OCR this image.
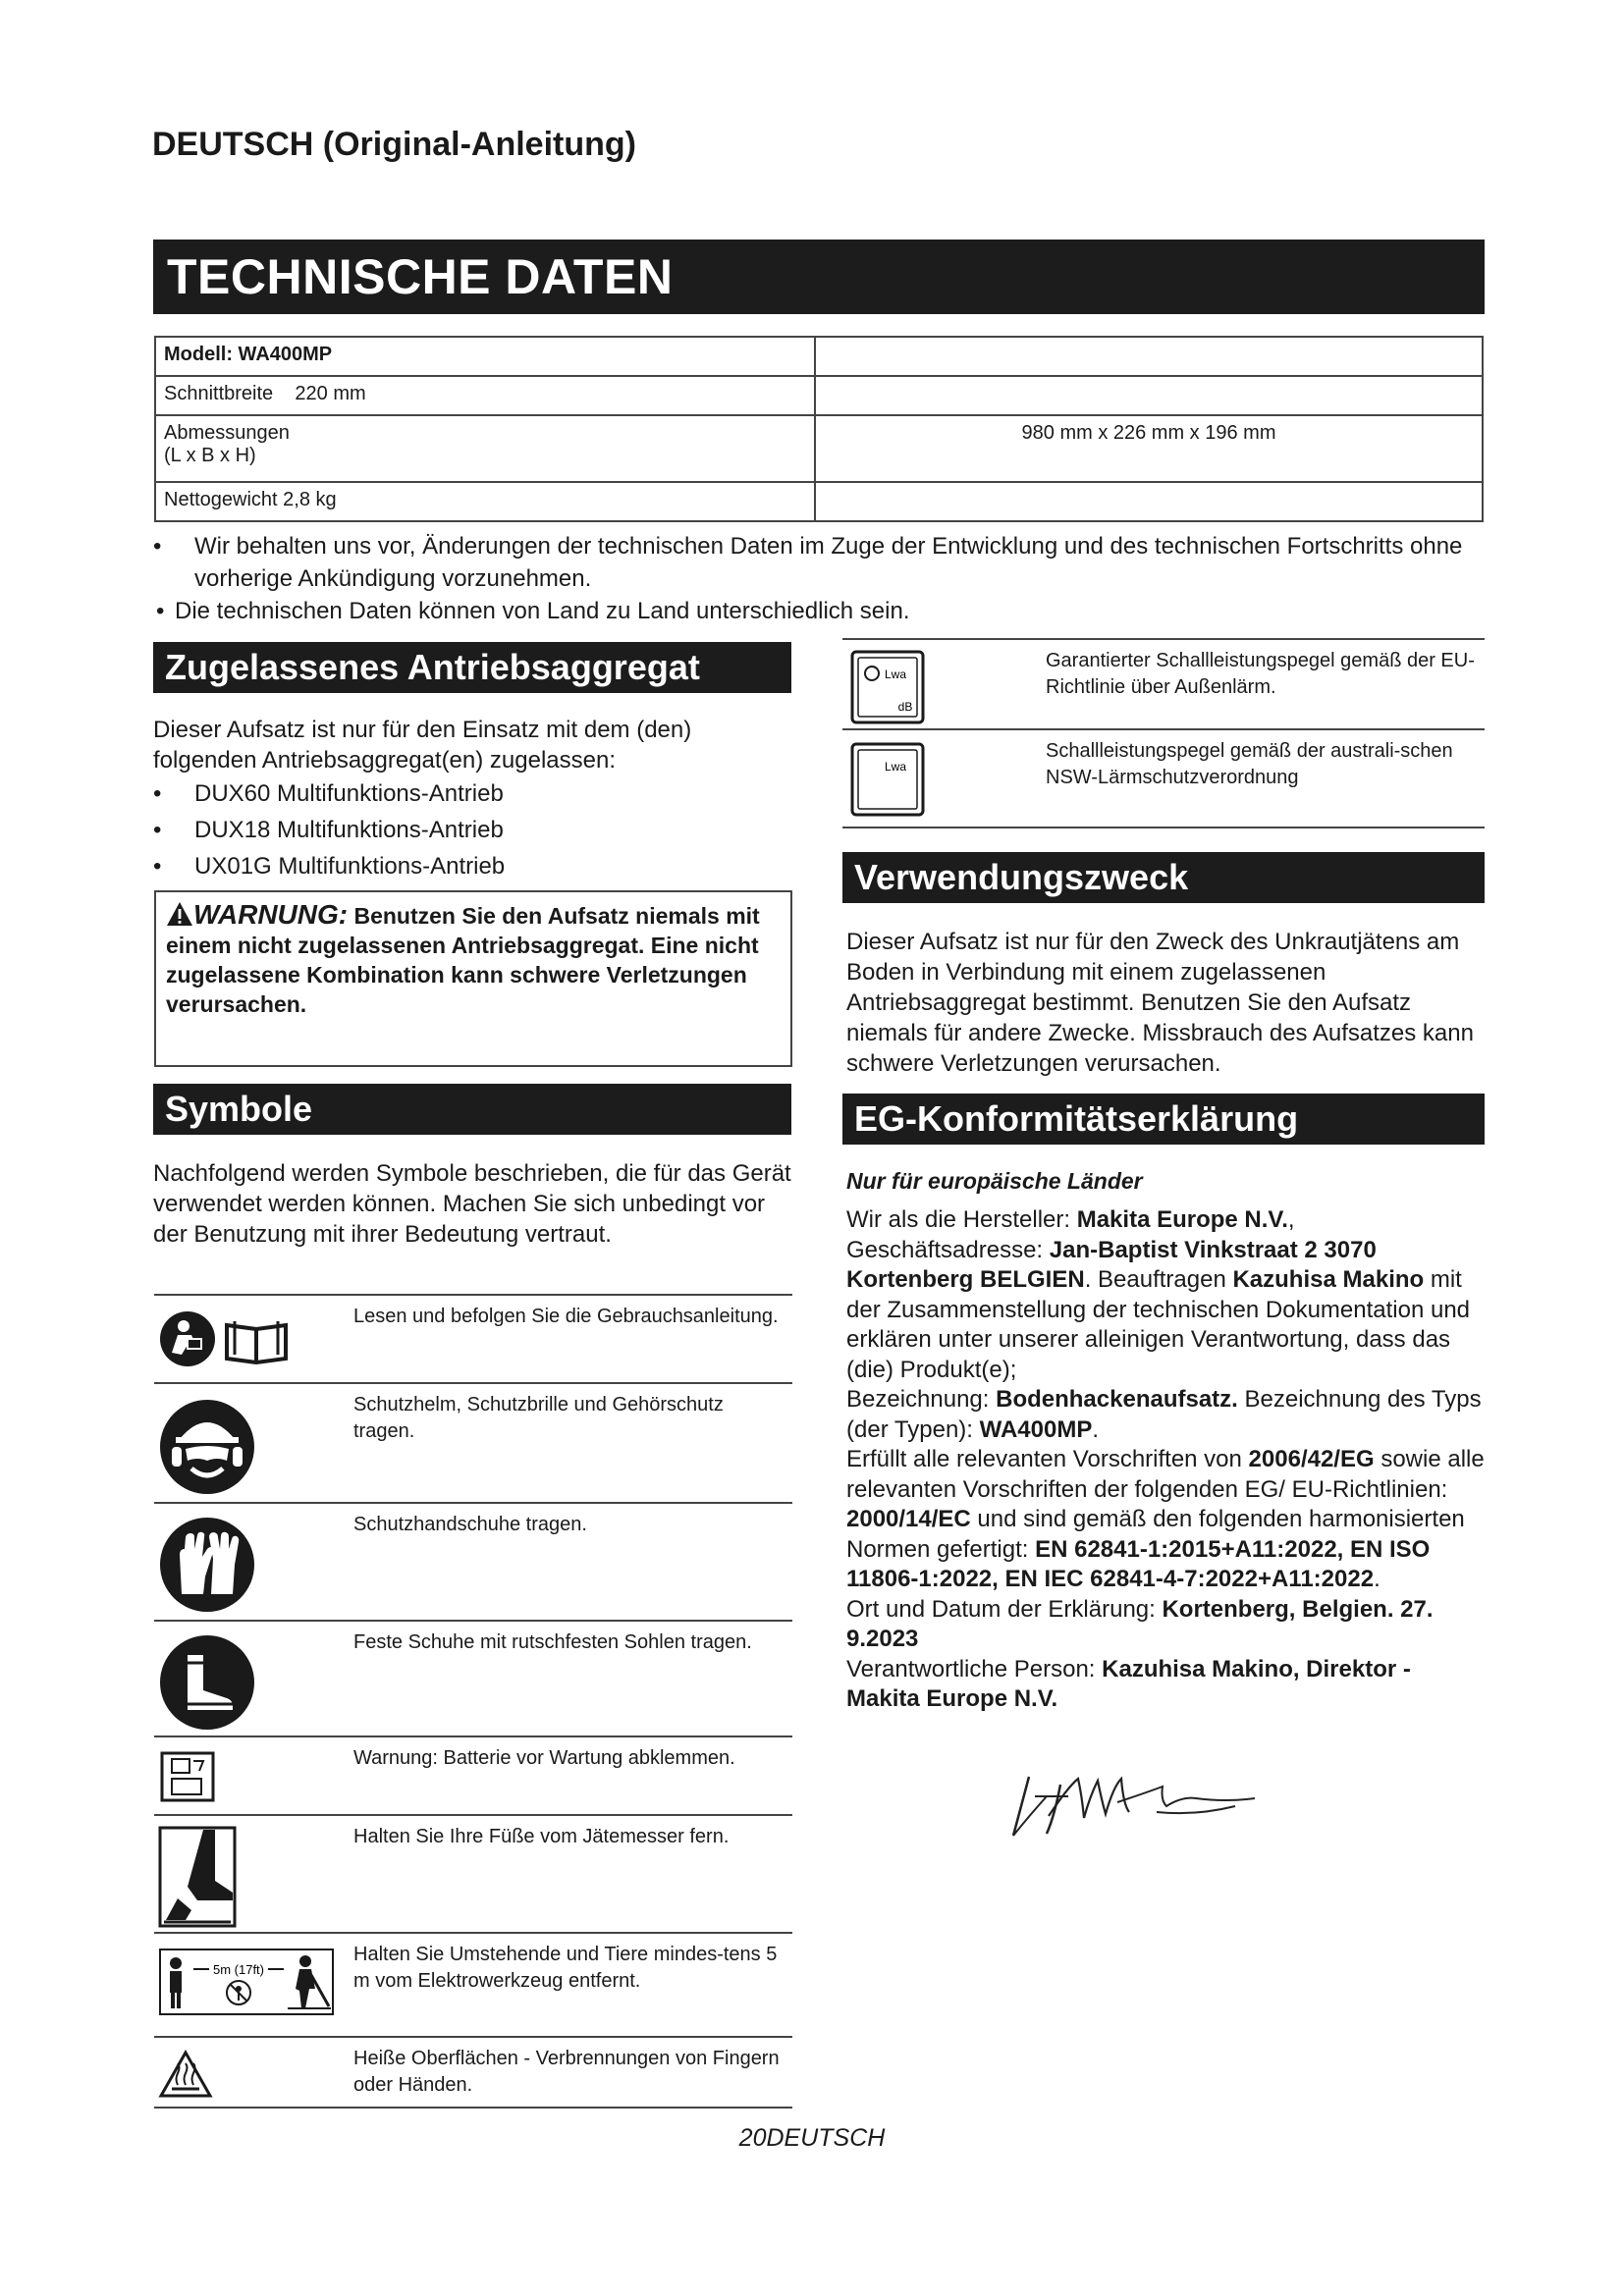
DEUTSCH (Original-Anleitung)
TECHNISCHE DATEN
Modell: WA400MP	
Schnittbreite    220 mm	

Abmessungen
(L x B x H)	980 mm x 226 mm x 196 mm
Nettogewicht 2,8 kg	
• Wir behalten uns vor, Änderungen der technischen Daten im Zuge der Entwicklung und des technischen Fortschritts ohne vorherige Ankündigung vorzunehmen.
• Die technischen Daten können von Land zu Land unterschiedlich sein.
Zugelassenes Antriebsaggregat
Dieser Aufsatz ist nur für den Einsatz mit dem (den) folgenden Antriebsaggregat(en) zugelassen:
• DUX60 Multifunktions-Antrieb
• DUX18 Multifunktions-Antrieb
• UX01G Multifunktions-Antrieb
WARNUNG: Benutzen Sie den Aufsatz niemals mit einem nicht zugelassenen Antriebsaggregat. Eine nicht zugelassene Kombination kann schwere Verletzungen verursachen.
Symbole
Nachfolgend werden Symbole beschrieben, die für das Gerät verwendet werden können. Machen Sie sich unbedingt vor der Benutzung mit ihrer Bedeutung vertraut.
Lesen und befolgen Sie die Gebrauchsanleitung.
Schutzhelm, Schutzbrille und Gehörschutz tragen.
Schutzhandschuhe tragen.
Feste Schuhe mit rutschfesten Sohlen tragen.
Warnung: Batterie vor Wartung abklemmen.
Halten Sie Ihre Füße vom Jätemesser fern.
5m (17ft)
Halten Sie Umstehende und Tiere mindes-tens 5 m vom Elektrowerkzeug entfernt.
Heiße Oberflächen - Verbrennungen von Fingern oder Händen.
Lwa
dB
Garantierter Schallleistungspegel gemäß der EU-Richtlinie über Außenlärm.
Lwa
Schallleistungspegel gemäß der australi-schen NSW-Lärmschutzverordnung
Verwendungszweck
Dieser Aufsatz ist nur für den Zweck des Unkrautjätens am Boden in Verbindung mit einem zugelassenen Antriebsaggregat bestimmt. Benutzen Sie den Aufsatz niemals für andere Zwecke. Missbrauch des Aufsatzes kann schwere Verletzungen verursachen.
EG-Konformitätserklärung
Nur für europäische Länder
Wir als die Hersteller: Makita Europe N.V., Geschäftsadresse: Jan-Baptist Vinkstraat 2 3070 Kortenberg BELGIEN. Beauftragen Kazuhisa Makino mit der Zusammenstellung der technischen Dokumentation und erklären unter unserer alleinigen Verantwortung, dass das (die) Produkt(e);
Bezeichnung: Bodenhackenaufsatz. Bezeichnung des Typs (der Typen): WA400MP.
Erfüllt alle relevanten Vorschriften von 2006/42/EG sowie alle relevanten Vorschriften der folgenden EG/ EU-Richtlinien: 2000/14/EC und sind gemäß den folgenden harmonisierten Normen gefertigt: EN 62841-1:2015+A11:2022, EN ISO 11806-1:2022, EN IEC 62841-4-7:2022+A11:2022.
Ort und Datum der Erklärung: Kortenberg, Belgien. 27. 9.2023
Verantwortliche Person: Kazuhisa Makino, Direktor - Makita Europe N.V.
20DEUTSCH
